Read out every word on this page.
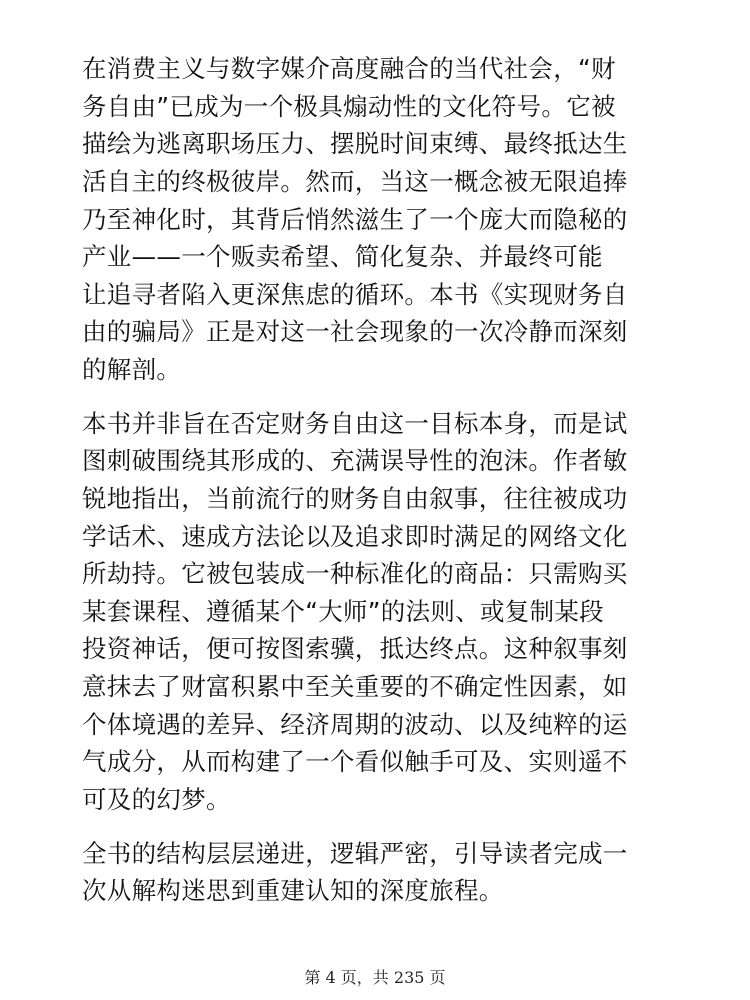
在消费主义与数字媒介高度融合的当代社会，“财
务自由”已成为一个极具煽动性的文化符号。它被
描绘为逃离职场压力、摆脱时间束缚、最终抵达生
活自主的终极彼岸。然而，当这一概念被无限追捧
乃至神化时，其背后悄然滋生了一个庞大而隐秘的
产业——一个贩卖希望、简化复杂、并最终可能
让追寻者陷入更深焦虑的循环。本书《实现财务自
由的骗局》正是对这一社会现象的一次冷静而深刻
的解剖。

本书并非旨在否定财务自由这一目标本身，而是试
图刺破围绕其形成的、充满误导性的泡沫。作者敏
锐地指出，当前流行的财务自由叙事，往往被成功
学话术、速成方法论以及追求即时满足的网络文化
所劫持。它被包装成一种标准化的商品：只需购买
某套课程、遵循某个“大师”的法则、或复制某段
投资神话，便可按图索骥，抵达终点。这种叙事刻
意抹去了财富积累中至关重要的不确定性因素，如
个体境遇的差异、经济周期的波动、以及纯粹的运
气成分，从而构建了一个看似触手可及、实则遥不
可及的幻梦。

全书的结构层层递进，逻辑严密，引导读者完成一
次从解构迷思到重建认知的深度旅程。

第 4 页，共 235 页
